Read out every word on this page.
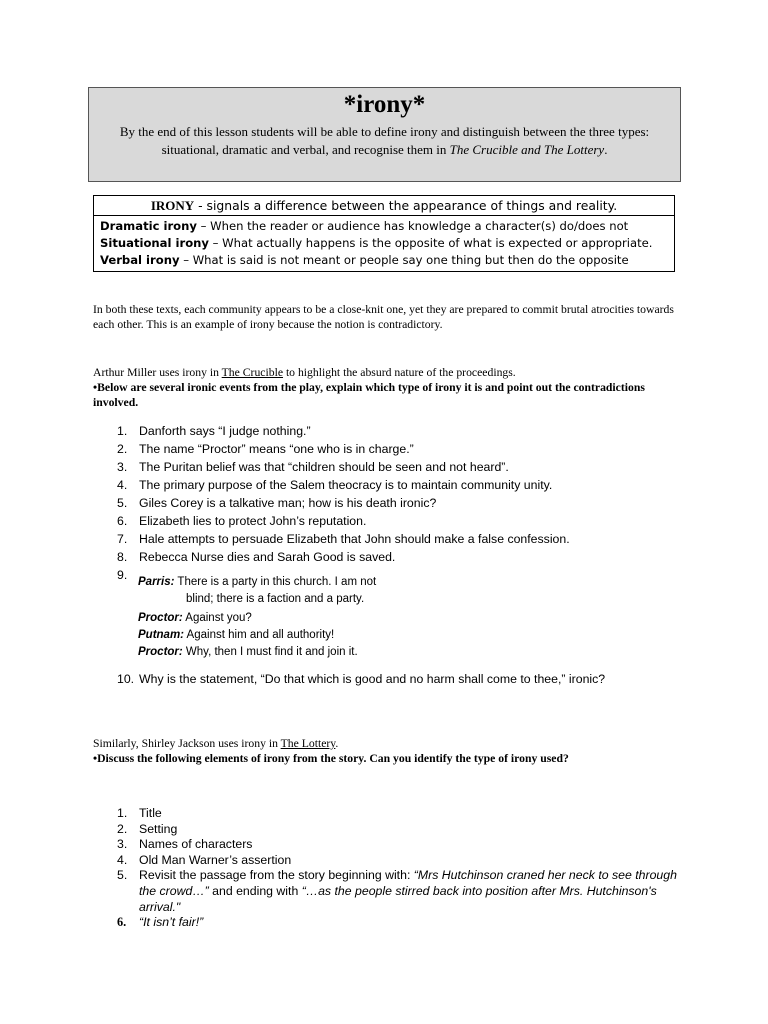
*irony*

By the end of this lesson students will be able to define irony and distinguish between the three types: situational, dramatic and verbal, and recognise them in The Crucible and The Lottery.

IRONY - signals a difference between the appearance of things and reality.
Dramatic irony – When the reader or audience has knowledge a character(s) do/does not
Situational irony – What actually happens is the opposite of what is expected or appropriate.
Verbal irony – What is said is not meant or people say one thing but then do the opposite
In both these texts, each community appears to be a close-knit one, yet they are prepared to commit brutal atrocities towards each other. This is an example of irony because the notion is contradictory.
Arthur Miller uses irony in The Crucible to highlight the absurd nature of the proceedings.
•Below are several ironic events from the play, explain which type of irony it is and point out the contradictions involved.
1. Danforth says “I judge nothing.”
2. The name “Proctor” means “one who is in charge.”
3. The Puritan belief was that “children should be seen and not heard”.
4. The primary purpose of the Salem theocracy is to maintain community unity.
5. Giles Corey is a talkative man; how is his death ironic?
6. Elizabeth lies to protect John’s reputation.
7. Hale attempts to persuade Elizabeth that John should make a false confession.
8. Rebecca Nurse dies and Sarah Good is saved.
9. Parris: There is a party in this church. I am not
blind; there is a faction and a party.
Proctor: Against you?
Putnam: Against him and all authority!
Proctor: Why, then I must find it and join it.
10. Why is the statement, “Do that which is good and no harm shall come to thee,” ironic?
Similarly, Shirley Jackson uses irony in The Lottery.
•Discuss the following elements of irony from the story. Can you identify the type of irony used?
1. Title
2. Setting
3. Names of characters
4. Old Man Warner’s assertion
5. Revisit the passage from the story beginning with: “Mrs Hutchinson craned her neck to see through the crowd…” and ending with “…as the people stirred back into position after Mrs. Hutchinson's arrival."
6. “It isn’t fair!”
